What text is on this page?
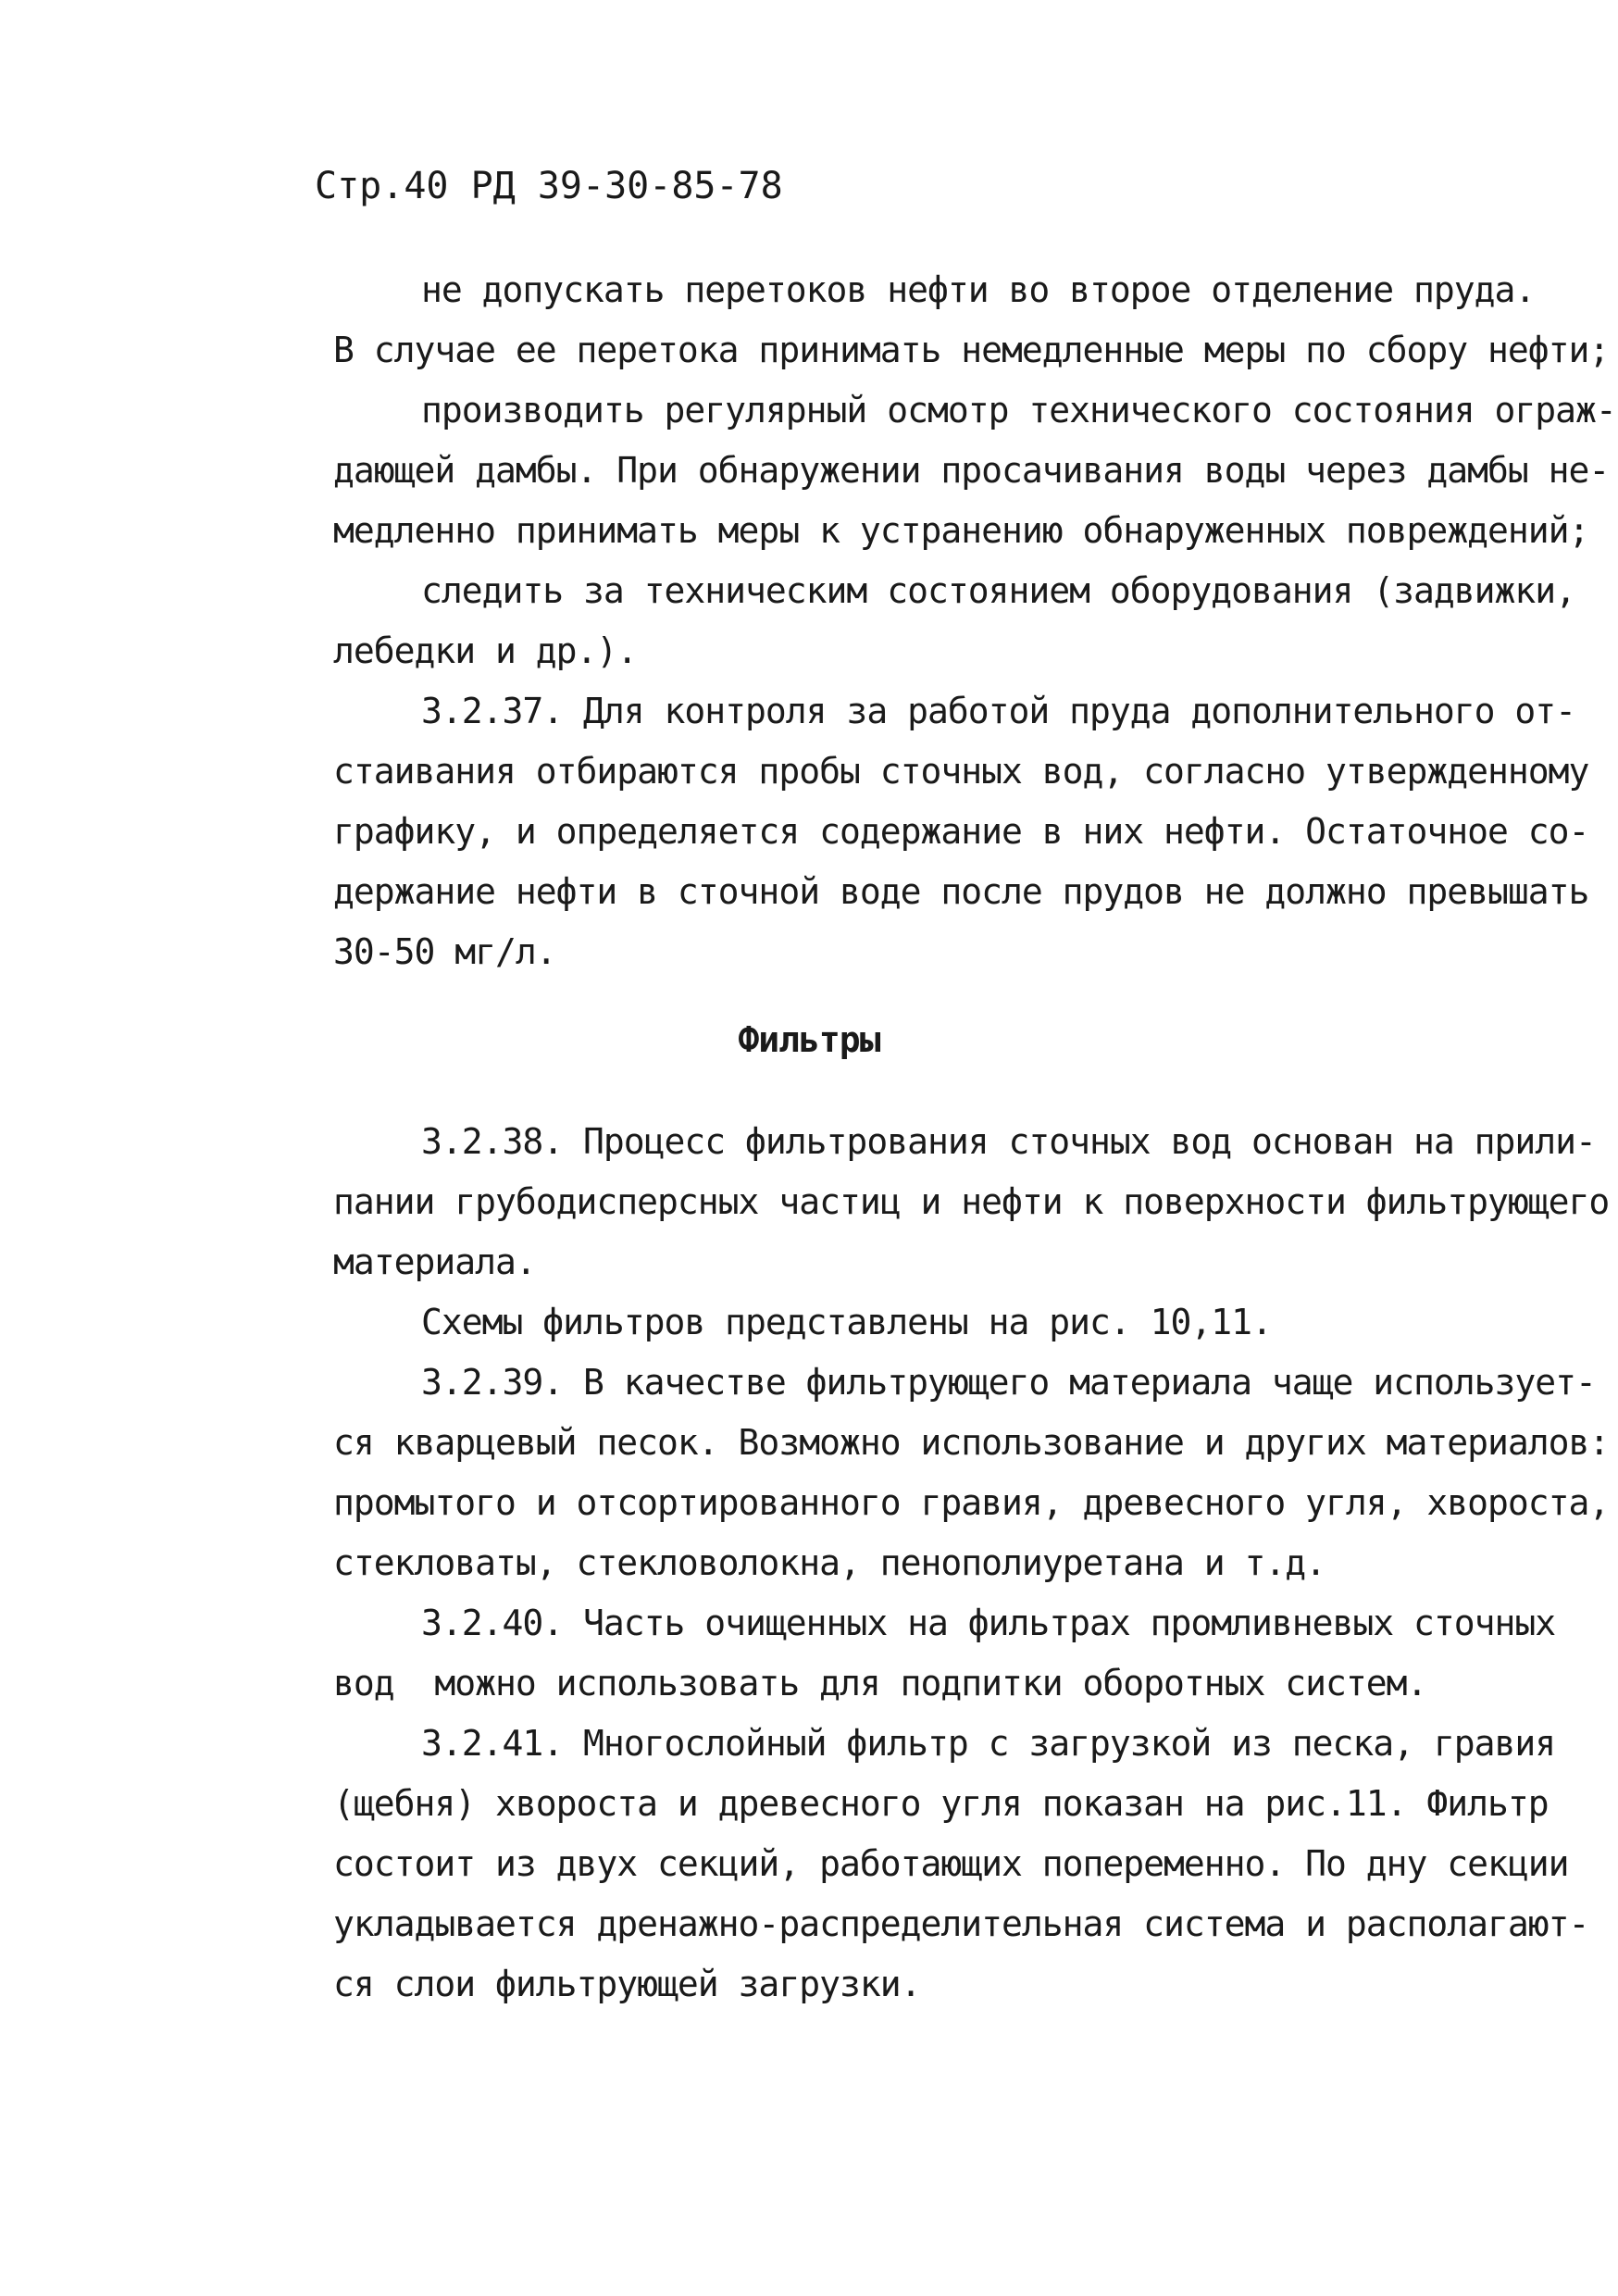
Стр.40 РД 39-30-85-78
не допускать перетоков нефти во второе отделение пруда.
В случае ее перетока принимать немедленные меры по сбору нефти;
производить регулярный осмотр технического состояния ограж-
дающей дамбы. При обнаружении просачивания воды через дамбы не-
медленно принимать меры к устранению обнаруженных повреждений;
следить за техническим состоянием оборудования (задвижки,
лебедки и др.).
3.2.37. Для контроля за работой пруда дополнительного от-
стаивания отбираются пробы сточных вод, согласно утвержденному
графику, и определяется содержание в них нефти. Остаточное со-
держание нефти в сточной воде после прудов не должно превышать
30-50 мг/л.
Фильтры
3.2.38. Процесс фильтрования сточных вод основан на прили-
пании грубодисперсных частиц и нефти к поверхности фильтрующего
материала.
Схемы фильтров представлены на рис. 10,11.
3.2.39. В качестве фильтрующего материала чаще использует-
ся кварцевый песок. Возможно использование и других материалов:
промытого и отсортированного гравия, древесного угля, хвороста,
стекловаты, стекловолокна, пенополиуретана и т.д.
3.2.40. Часть очищенных на фильтрах промливневых сточных
вод  можно использовать для подпитки оборотных систем.
3.2.41. Многослойный фильтр с загрузкой из песка, гравия
(щебня) хвороста и древесного угля показан на рис.11. Фильтр
состоит из двух секций, работающих попеременно. По дну секции
укладывается дренажно-распределительная система и располагают-
ся слои фильтрующей загрузки.
